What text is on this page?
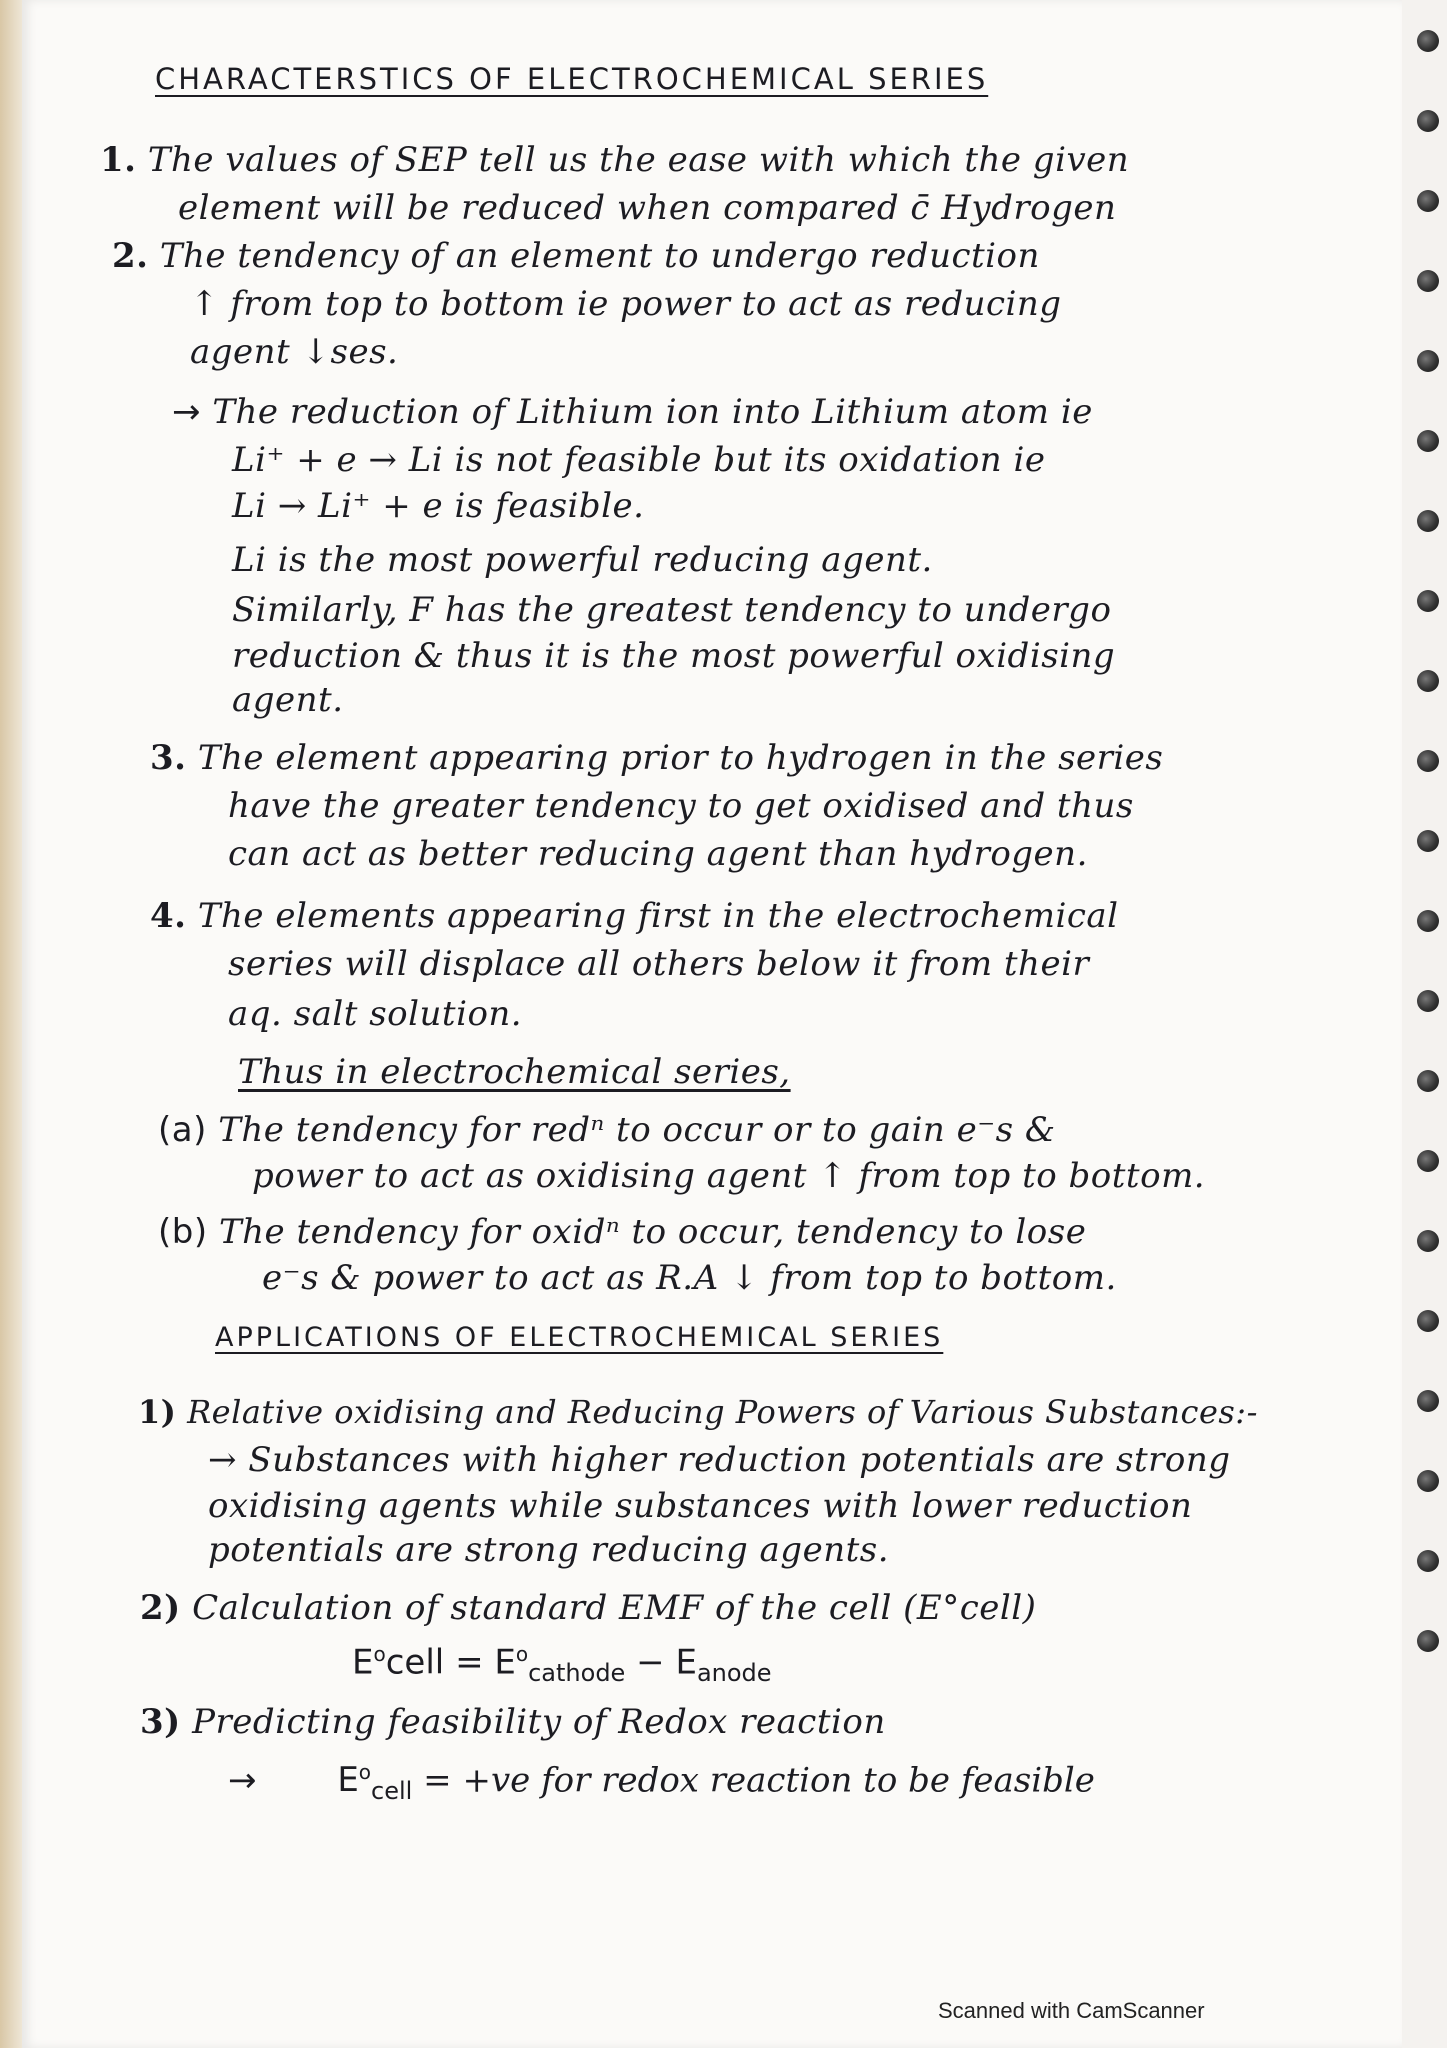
CHARACTERSTICS OF ELECTROCHEMICAL SERIES
1. The values of SEP tell us the ease with which the given
element will be reduced when compared c̄ Hydrogen
2. The tendency of an element to undergo reduction
↑ from top to bottom ie power to act as reducing
agent ↓ses.
→ The reduction of Lithium ion into Lithium atom ie
Li⁺ + e → Li is not feasible but its oxidation ie
Li → Li⁺ + e is feasible.
Li is the most powerful reducing agent.
Similarly, F has the greatest tendency to undergo
reduction & thus it is the most powerful oxidising
agent.
3. The element appearing prior to hydrogen in the series
have the greater tendency to get oxidised and thus
can act as better reducing agent than hydrogen.
4. The elements appearing first in the electrochemical
series will displace all others below it from their
aq. salt solution.
Thus in electrochemical series,
(a) The tendency for redⁿ to occur or to gain e⁻s &
power to act as oxidising agent ↑ from top to bottom.
(b) The tendency for oxidⁿ to occur, tendency to lose
e⁻s & power to act as R.A ↓ from top to bottom.
APPLICATIONS OF ELECTROCHEMICAL SERIES
1) Relative oxidising and Reducing Powers of Various Substances:-
→ Substances with higher reduction potentials are strong
oxidising agents while substances with lower reduction
potentials are strong reducing agents.
2) Calculation of standard EMF of the cell (E°cell)
$E^ocell = E^o_{cathode} - E_{anode}$
3) Predicting feasibility of Redox reaction
→ $E^o_{cell} = +ve$ for redox reaction to be feasible
Scanned with CamScanner
